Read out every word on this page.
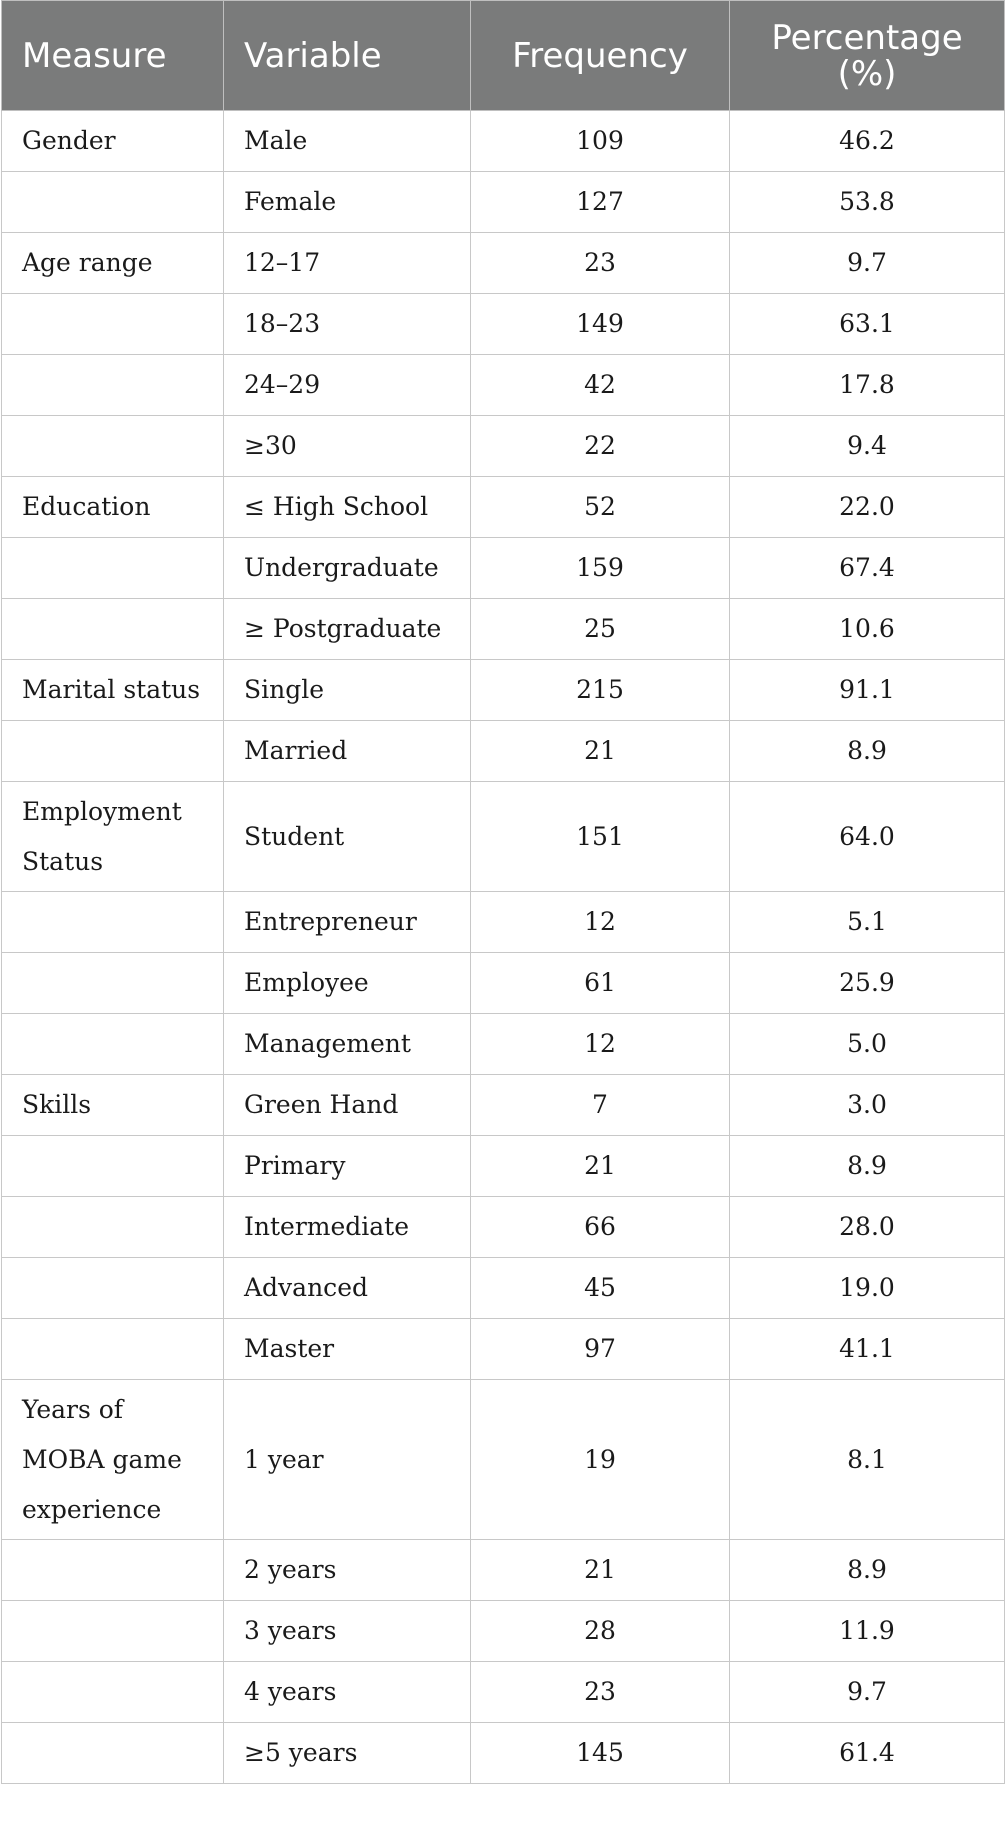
Measure	Variable	Frequency	Percentage (%)
Gender	Male	109	46.2
	Female	127	53.8
Age range	12–17	23	9.7
	18–23	149	63.1
	24–29	42	17.8
	≥30	22	9.4
Education	≤ High School	52	22.0
	Undergraduate	159	67.4
	≥ Postgraduate	25	10.6
Marital status	Single	215	91.1
	Married	21	8.9
Employment Status	Student	151	64.0
	Entrepreneur	12	5.1
	Employee	61	25.9
	Management	12	5.0
Skills	Green Hand	7	3.0
	Primary	21	8.9
	Intermediate	66	28.0
	Advanced	45	19.0
	Master	97	41.1
Years of MOBA game experience	1 year	19	8.1
	2 years	21	8.9
	3 years	28	11.9
	4 years	23	9.7
	≥5 years	145	61.4
